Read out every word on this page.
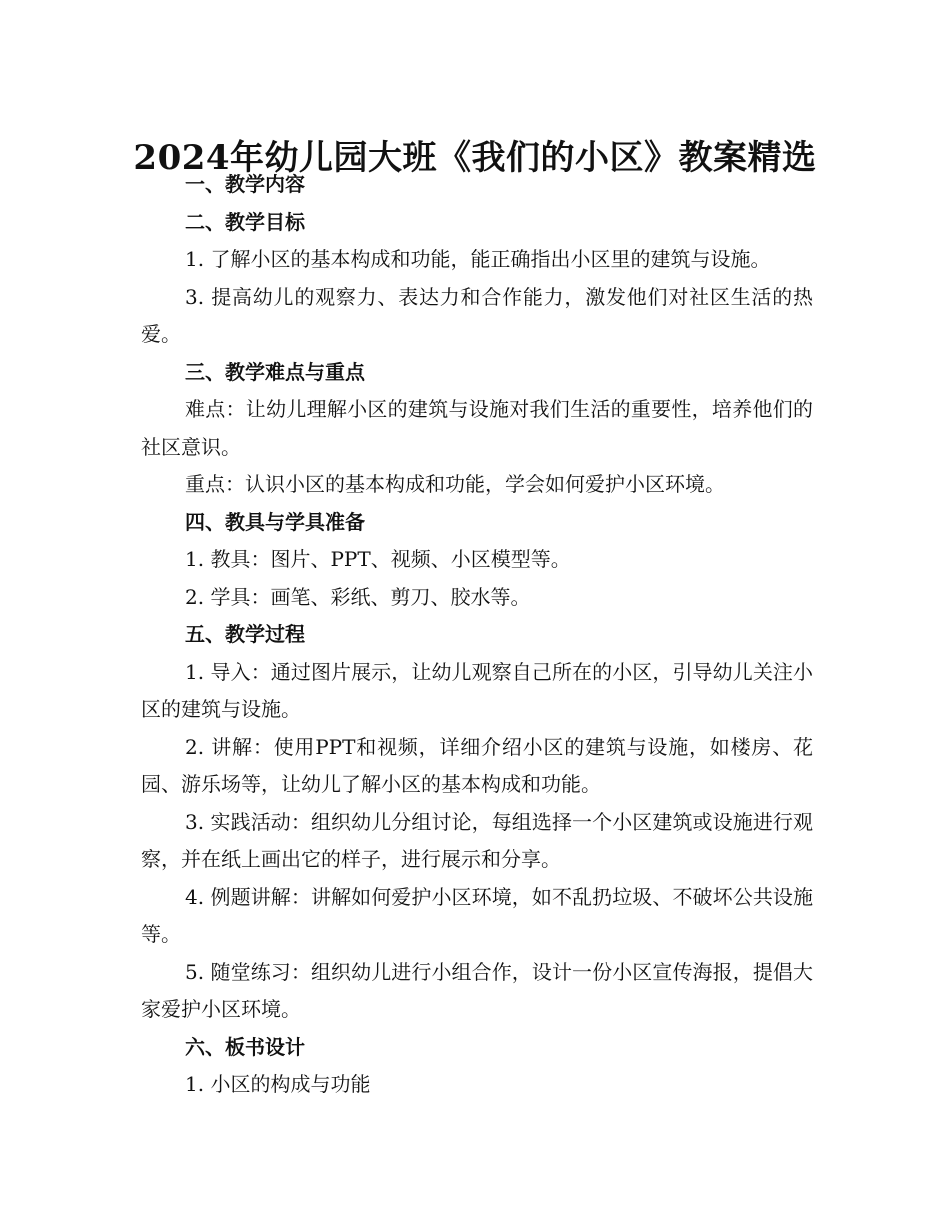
2024年幼儿园大班《我们的小区》教案精选
一、教学内容
二、教学目标

1. 了解小区的基本构成和功能，能正确指出小区里的建筑与设施。

3. 提高幼儿的观察力、表达力和合作能力，激发他们对社区生活的热爱。

三、教学难点与重点

难点：让幼儿理解小区的建筑与设施对我们生活的重要性，培养他们的社区意识。

重点：认识小区的基本构成和功能，学会如何爱护小区环境。

四、教具与学具准备

1. 教具：图片、PPT、视频、小区模型等。

2. 学具：画笔、彩纸、剪刀、胶水等。

五、教学过程

1. 导入：通过图片展示，让幼儿观察自己所在的小区，引导幼儿关注小区的建筑与设施。

2. 讲解：使用PPT和视频，详细介绍小区的建筑与设施，如楼房、花园、游乐场等，让幼儿了解小区的基本构成和功能。

3. 实践活动：组织幼儿分组讨论，每组选择一个小区建筑或设施进行观察，并在纸上画出它的样子，进行展示和分享。

4. 例题讲解：讲解如何爱护小区环境，如不乱扔垃圾、不破坏公共设施等。

5. 随堂练习：组织幼儿进行小组合作，设计一份小区宣传海报，提倡大家爱护小区环境。

六、板书设计

1. 小区的构成与功能
